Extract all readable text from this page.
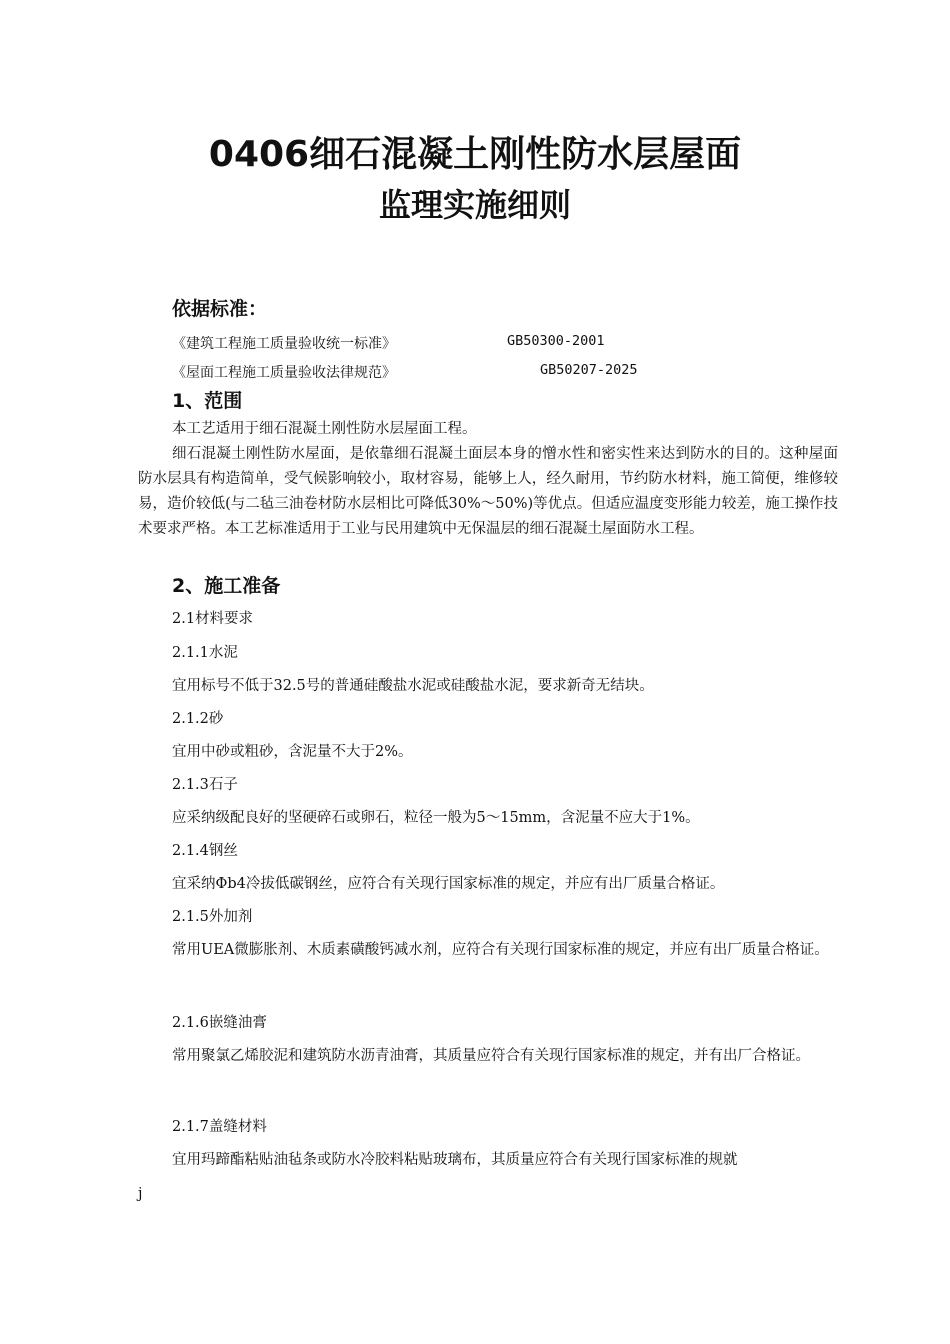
0406细石混凝土刚性防水层屋面
监理实施细则
依据标准：
《建筑工程施工质量验收统一标准》	GB50300-2001
《屋面工程施工质量验收法律规范》	GB50207-2025
1、范围

本工艺适用于细石混凝土刚性防水层屋面工程。

细石混凝土刚性防水屋面，是依靠细石混凝土面层本身的憎水性和密实性来达到防水的目的。这种屋面防水层具有构造简单，受气候影响较小，取材容易，能够上人，经久耐用，节约防水材料，施工简便，维修较易，造价较低(与二毡三油卷材防水层相比可降低30%～50%)等优点。但适应温度变形能力较差，施工操作技术要求严格。本工艺标准适用于工业与民用建筑中无保温层的细石混凝土屋面防水工程。

2、施工准备
2.1材料要求
2.1.1水泥
宜用标号不低于32.5号的普通硅酸盐水泥或硅酸盐水泥，要求新奇无结块。
2.1.2砂
宜用中砂或粗砂，含泥量不大于2%。
2.1.3石子
应采纳级配良好的坚硬碎石或卵石，粒径一般为5～15mm，含泥量不应大于1%。
2.1.4钢丝
宜采纳Φb4冷拔低碳钢丝，应符合有关现行国家标准的规定，并应有出厂质量合格证。
2.1.5外加剂

常用UEA微膨胀剂、木质素磺酸钙减水剂，应符合有关现行国家标准的规定，并应有出厂质量合格证。

2.1.6嵌缝油膏

常用聚氯乙烯胶泥和建筑防水沥青油膏，其质量应符合有关现行国家标准的规定，并有出厂合格证。

2.1.7盖缝材料

宜用玛蹄酯粘贴油毡条或防水冷胶料粘贴玻璃布，其质量应符合有关现行国家标准的规就

j
